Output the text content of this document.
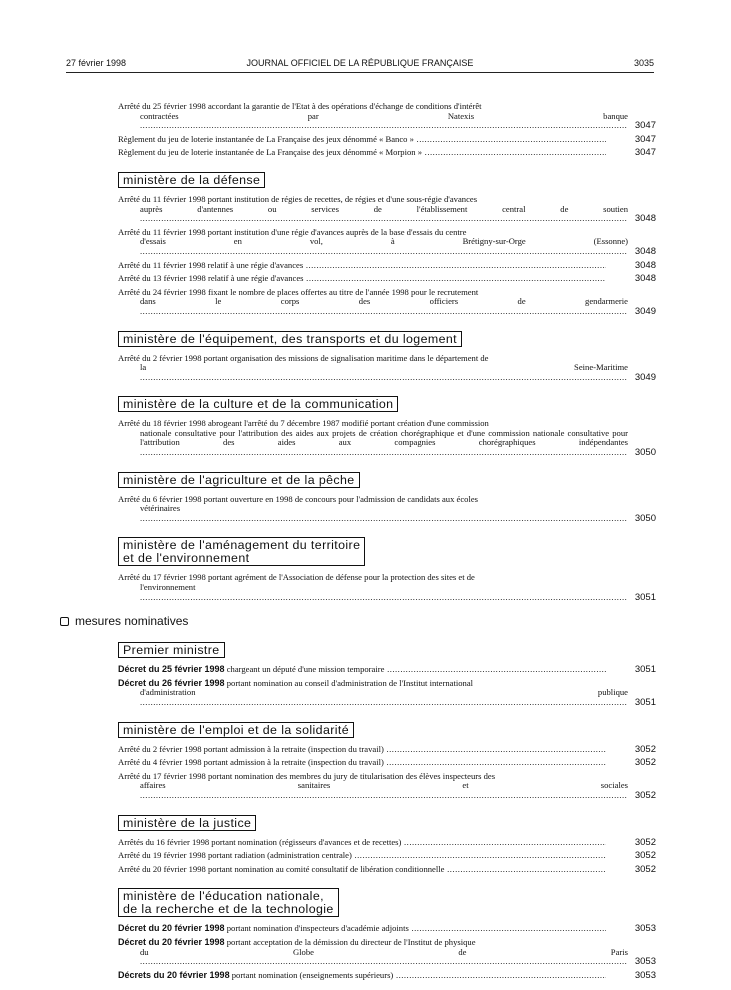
27 février 1998	JOURNAL OFFICIEL DE LA RÉPUBLIQUE FRANÇAISE	3035
Arrêté du 25 février 1998 accordant la garantie de l'Etat à des opérations d'échange de conditions d'intérêt
contractées par Natexis banque .....
3047
Règlement du jeu de loterie instantanée de La Française des jeux dénommé « Banco » .....	3047
Règlement du jeu de loterie instantanée de La Française des jeux dénommé « Morpion » .....	3047
ministère de la défense
Arrêté du 11 février 1998 portant institution de régies de recettes, de régies et d'une sous-régie d'avances
auprès d'antennes ou services de l'établissement central de soutien .....
3048
Arrêté du 11 février 1998 portant institution d'une régie d'avances auprès de la base d'essais du centre
d'essais en vol, à Brétigny-sur-Orge (Essonne) .....
3048
Arrêté du 11 février 1998 relatif à une régie d'avances .....	3048
Arrêté du 13 février 1998 relatif à une régie d'avances .....	3048
Arrêté du 24 février 1998 fixant le nombre de places offertes au titre de l'année 1998 pour le recrutement
dans le corps des officiers de gendarmerie .....
3049
ministère de l'équipement, des transports et du logement
Arrêté du 2 février 1998 portant organisation des missions de signalisation maritime dans le département de
la Seine-Maritime .....
3049
ministère de la culture et de la communication
Arrêté du 18 février 1998 abrogeant l'arrêté du 7 décembre 1987 modifié portant création d'une commission
nationale consultative pour l'attribution des aides aux projets de création chorégraphique et d'une commission nationale consultative pour l'attribution des aides aux compagnies chorégraphiques indépendantes .....
3050
ministère de l'agriculture et de la pêche
Arrêté du 6 février 1998 portant ouverture en 1998 de concours pour l'admission de candidats aux écoles
vétérinaires .....
3050
ministère de l'aménagement du territoire
et de l'environnement
Arrêté du 17 février 1998 portant agrément de l'Association de défense pour la protection des sites et de
l'environnement .....
3051
mesures nominatives
Premier ministre
Décret du 25 février 1998 chargeant un député d'une mission temporaire .....	3051
Décret du 26 février 1998 portant nomination au conseil d'administration de l'Institut international
d'administration publique .....
3051
ministère de l'emploi et de la solidarité
Arrêté du 2 février 1998 portant admission à la retraite (inspection du travail) .....	3052
Arrêté du 4 février 1998 portant admission à la retraite (inspection du travail) .....	3052
Arrêté du 17 février 1998 portant nomination des membres du jury de titularisation des élèves inspecteurs des
affaires sanitaires et sociales .....
3052
ministère de la justice
Arrêtés du 16 février 1998 portant nomination (régisseurs d'avances et de recettes) .....	3052
Arrêté du 19 février 1998 portant radiation (administration centrale) .....	3052
Arrêté du 20 février 1998 portant nomination au comité consultatif de libération conditionnelle .....	3052
ministère de l'éducation nationale,
de la recherche et de la technologie
Décret du 20 février 1998 portant nomination d'inspecteurs d'académie adjoints .....	3053
Décret du 20 février 1998 portant acceptation de la démission du directeur de l'Institut de physique
du Globe de Paris .....
3053
Décrets du 20 février 1998 portant nomination (enseignements supérieurs) .....	3053
